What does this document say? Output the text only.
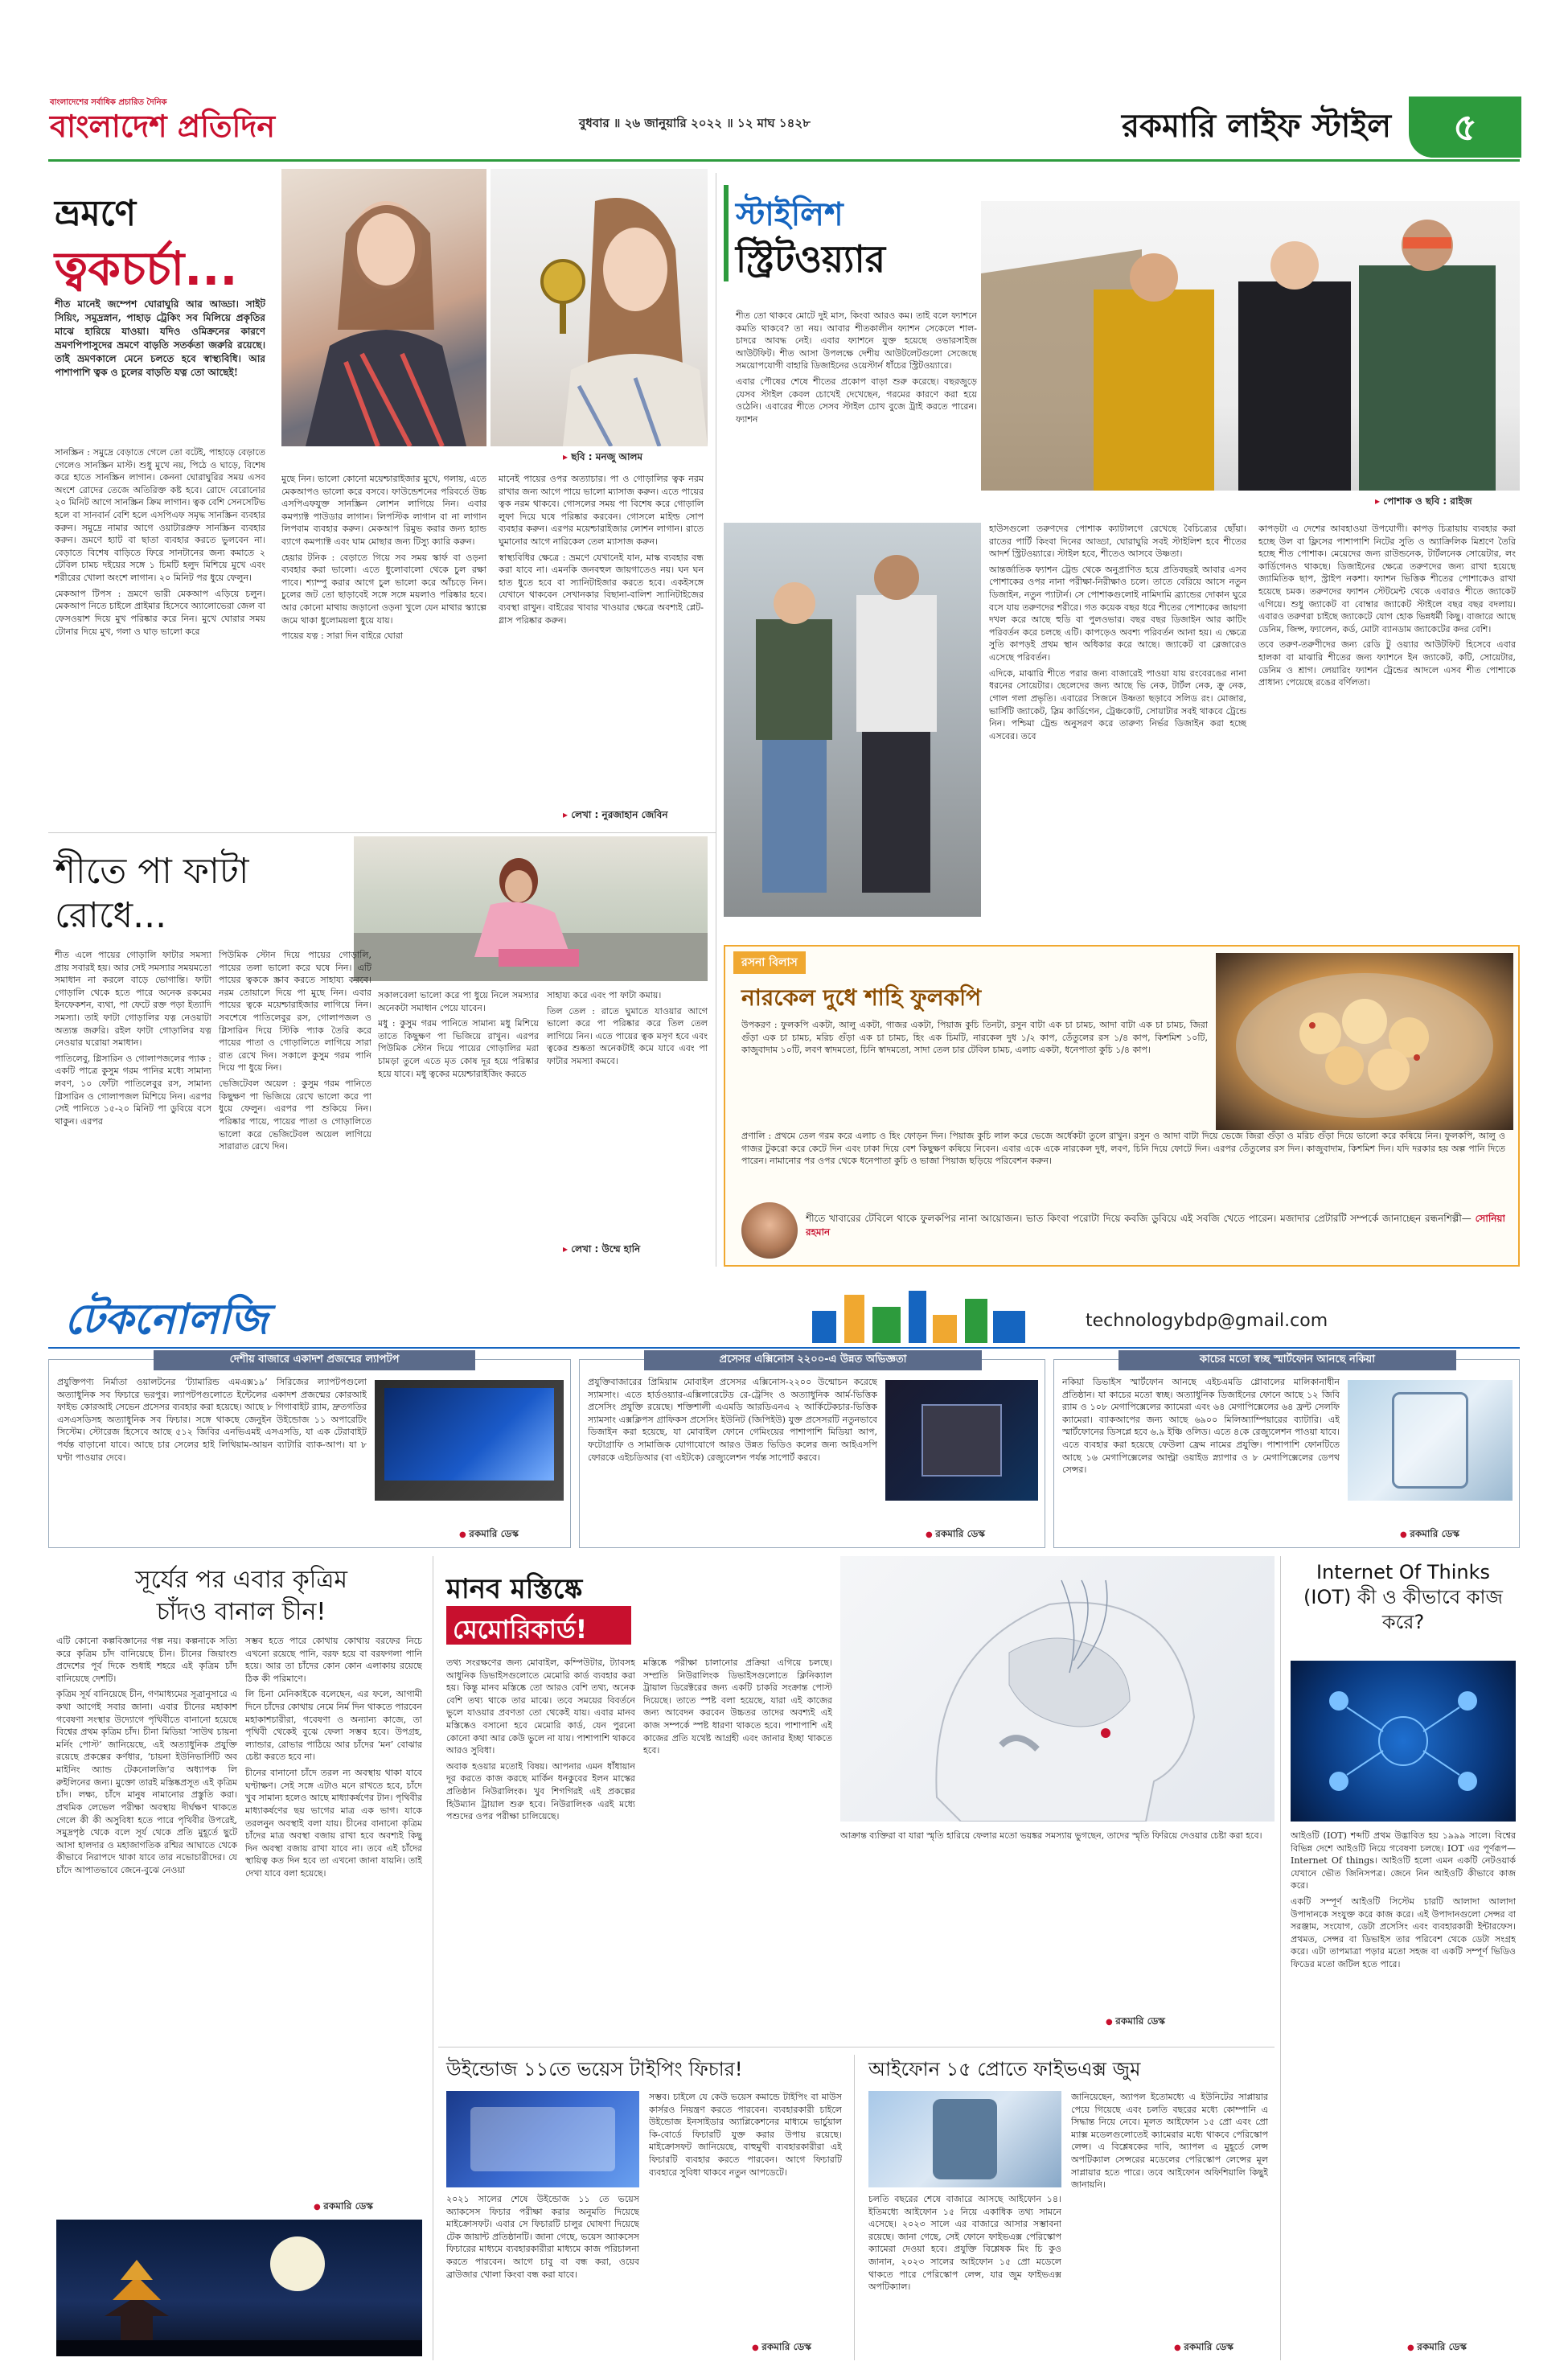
বাংলাদেশের সর্বাধিক প্রচারিত দৈনিক
বাংলাদেশ প্রতিদিন	বুধবার ॥ ২৬ জানুয়ারি ২০২২ ॥ ১২ মাঘ ১৪২৮	রকমারি লাইফ স্টাইল	৫
ভ্রমণে
ত্বকচর্চা...
শীত মানেই জম্পেশ ঘোরাঘুরি আর আড্ডা। সাইট সিয়িং, সমুদ্রস্নান, পাহাড় ট্রেকিং সব মিলিয়ে প্রকৃতির মাঝে হারিয়ে যাওয়া। যদিও ওমিক্রনের কারণে ভ্রমণপিপাসুদের ভ্রমণে বাড়তি সতর্কতা জরুরি রয়েছে। তাই ভ্রমণকালে মেনে চলতে হবে স্বাস্থ্যবিধি। আর পাশাপাশি ত্বক ও চুলের বাড়তি যত্ন তো আছেই!

সানস্ক্রিন : সমুদ্রে বেড়াতে গেলে তো বটেই, পাহাড়ে বেড়াতে গেলেও সানস্ক্রিন মাস্ট। শুধু মুখে নয়, পিঠে ও ঘাড়ে, বিশেষ করে হাতে সানস্ক্রিন লাগান। কেননা ঘোরাঘুরির সময় এসব অংশে রোদের তেজে অতিরিক্ত কষ্ট হবে। রোদে বেরোনোর ২০ মিনিট আগে সানস্ক্রিন ক্রিম লাগান। ত্বক বেশি সেনসেটিভ হলে বা সানবার্ন বেশি হলে এসপিএফ সমৃদ্ধ সানস্ক্রিন ব্যবহার করুন। সমুদ্রে নামার আগে ওয়াটারপ্রুফ সানস্ক্রিন ব্যবহার করুন। ভ্রমণে হ্যাট বা ছাতা ব্যবহার করতে ভুলবেন না। বেড়াতে বিশেষ বাড়িতে ফিরে সানটানের জন্য কমাতে ২ টেবিল চামচ দইয়ের সঙ্গে ১ চিমটি হলুদ মিশিয়ে মুখে এবং শরীরের খোলা অংশে লাগান। ২০ মিনিট পর ধুয়ে ফেলুন।

মেকআপ টিপস : ভ্রমণে ভারী মেকআপ এড়িয়ে চলুন। মেকআপ নিতে চাইলে প্রাইমার হিসেবে অ্যালোভেরা জেল বা ফেসওয়াশ দিয়ে মুখ পরিষ্কার করে নিন। মুখে ঘোরার সময় টোনার দিয়ে মুখ, গলা ও ঘাড় ভালো করে

▸ ছবি : মনজু আলম

মুছে নিন। ভালো কোনো ময়েশ্চারাইজার মুখে, গলায়, এতে মেকআপও ভালো করে বসবে। ফাউন্ডেশনের পরিবর্তে উচ্চ এসপিএফযুক্ত সানস্ক্রিন লোশন লাগিয়ে নিন। এবার কমপ্যাক্ট পাউডার লাগান। লিপস্টিক লাগান বা না লাগান লিপবাম ব্যবহার করুন। মেকআপ রিমুভ করার জন্য হ্যান্ড ব্যাগে কমপ্যাক্ট এবং ঘাম মোছার জন্য টিস্যু ক্যারি করুন।

হেয়ার টনিক : বেড়াতে গিয়ে সব সময় স্কার্ফ বা ওড়না ব্যবহার করা ভালো। এতে ধুলোবালো থেকে চুল রক্ষা পাবে। শ্যাম্পু করার আগে চুল ভালো করে আঁচড়ে নিন। চুলের জট তো ছাড়াবেই সঙ্গে সঙ্গে ময়লাও পরিষ্কার হবে। আর কোনো মাথায় জড়ানো ওড়না খুলে যেন মাথার স্ক্যাল্পে জমে থাকা ধুলোময়লা ধুয়ে যায়।

পায়ের যত্ন : সারা দিন বাইরে ঘোরা

মানেই পায়ের ওপর অত্যাচার। পা ও গোড়ালির ত্বক নরম রাখার জন্য আগে পায়ে ভালো ম্যাসাজ করুন। এতে পায়ের ত্বক নরম থাকবে। গোসলের সময় পা বিশেষ করে গোড়ালি লুফা দিয়ে ঘষে পরিষ্কার করবেন। গোসলে মাইল্ড সোপ ব্যবহার করুন। এরপর ময়েশ্চারাইজার লোশন লাগান। রাতে ঘুমানোর আগে নারিকেল তেল ম্যাসাজ করুন।

স্বাস্থ্যবিধির ক্ষেত্রে : ভ্রমণে যেখানেই যান, মাস্ক ব্যবহার বন্ধ করা যাবে না। এমনকি জনবহুল জায়গাতেও নয়। ঘন ঘন হাত ধুতে হবে বা স্যানিটাইজার করতে হবে। একইসঙ্গে যেখানে থাকবেন সেখানকার বিছানা-বালিশ স্যানিটাইজের ব্যবস্থা রাখুন। বাইরের খাবার খাওয়ার ক্ষেত্রে অবশ্যই প্লেট-গ্লাস পরিষ্কার করুন।

▸ লেখা : নুরজাহান জেবিন
স্টাইলিশ
স্ট্রিটওয়্যার
▸ পোশাক ও ছবি : রাইজ

শীত তো থাকবে মোটে দুই মাস, কিংবা আরও কম। তাই বলে ফ্যাশনে কমতি থাকবে? তা নয়। আবার শীতকালীন ফ্যাশন সেকেলে শাল-চাদরে আবদ্ধ নেই। এবার ফ্যাশনে যুক্ত হয়েছে ওভারসাইজ আউটফিট। শীত আসা উপলক্ষে দেশীয় আউটলেটগুলো সেজেছে সময়োপযোগী বাহারি ডিজাইনের ওয়েস্টার্ন ধাঁচের স্ট্রিটওয়্যারে।

এবার পৌষের শেষে শীতের প্রকোপ বাড়া শুরু করেছে। বছরজুড়ে যেসব স্টাইল কেবল চোখেই দেখেছেন, গরমের কারণে করা হয়ে ওঠেনি। এবারের শীতে সেসব স্টাইল চোখ বুজে ট্রাই করতে পারেন। ফ্যাশন

হাউসগুলো তরুণদের পোশাক ক্যাটালগে রেখেছে বৈচিত্র্যের ছোঁয়া। রাতের পার্টি কিংবা দিনের আড্ডা, ঘোরাঘুরি সবই স্টাইলিশ হবে শীতের আদর্শ স্ট্রিটওয়্যারে। স্টাইল হবে, শীতেও আসবে উষ্ণতা।

আন্তর্জাতিক ফ্যাশন ট্রেন্ড থেকে অনুপ্রাণিত হয়ে প্রতিবছরই আবার এসব পোশাকের ওপর নানা পরীক্ষা-নিরীক্ষাও চলে। তাতে বেরিয়ে আসে নতুন ডিজাইন, নতুন প্যাটার্ন। সে পোশাকগুলোই নামিদামি ব্র্যান্ডের দোকান ঘুরে বসে যায় তরুণদের শরীরে। গত কয়েক বছর ধরে শীতের পোশাকের জায়গা দখল করে আছে হুডি বা পুলওভার। বছর বছর ডিজাইন আর কাটিং পরিবর্তন করে চলছে এটি। কাপড়েও অবশ্য পরিবর্তন আনা হয়। এ ক্ষেত্রে সুতি কাপড়ই প্রথম স্থান অধিকার করে আছে। জ্যাকেট বা ব্লেজারেও এসেছে পরিবর্তন।

এদিকে, মাঝারি শীতে পরার জন্য বাজারেই পাওয়া যায় রংবেরঙের নানা ধরনের সোয়েটার। ছেলেদের জন্য আছে ভি নেক, টার্টল নেক, ক্রু নেক, গোল গলা প্রভৃতি। এবারের সিজনে উষ্ণতা ছড়াবে সলিড রং। মোজার, ভার্সিটি জ্যাকেট, স্লিম কার্ডিগেন, ট্রেঞ্চকোট, সোয়াটার সবই থাকবে ট্রেন্ডে নিন। পশ্চিমা ট্রেন্ড অনুসরণ করে তারুণ্য নির্ভর ডিজাইন করা হচ্ছে এসবের। তবে

কাপড়টা এ দেশের আবহাওয়া উপযোগী। কাপড় চিত্রায়ায় ব্যবহার করা হচ্ছে উল বা ফ্লিসের পাশাপাশি নিটের সুতি ও অ্যাক্রিলিক মিশ্রণে তৈরি হচ্ছে শীত পোশাক। মেয়েদের জন্য রাউন্ডনেক, টার্টলনেক সোয়েটার, লং কার্ডিগেনও থাকছে। ডিজাইনের ক্ষেত্রে তরুণদের জন্য রাখা হয়েছে জ্যামিতিক ছাপ, স্ট্রাইপ নকশা। ফ্যাশন ভিত্তিক শীতের পোশাকেও রাখা হয়েছে চমক। তরুণদের ফ্যাশন স্টেটমেন্ট থেকে এবারও শীতে জ্যাকেট এগিয়ে। শুধু জ্যাকেট বা বোম্বার জ্যাকেট স্টাইলে বছর বছর বদলায়। এবারও তরুণরা চাইছে জ্যাকেটে যোগ হোক ভিন্নধর্মী কিছু। বাজারে আছে ডেনিম, জিন্স, ফ্যালেন, কর্ড, মোটা ব্যানডাম জ্যাকেটের কদর বেশি।

তবে তরুণ-তরুণীদের জন্য রেডি টু ওয়্যার আউটফিট হিসেবে এবার হালকা বা মাঝারি শীতের জন্য ফ্যাশনে ইন জ্যাকেট, কটি, সোয়েটার, ডেনিম ও শ্রাগ। লেয়ারিং ফ্যাশন ট্রেন্ডের আদলে এসব শীত পোশাকে প্রাধান্য পেয়েছে রঙের বর্ণিলতা।

শীতে পা ফাটা
রোধে...

শীত এলে পায়ের গোড়ালি ফাটার সমস্যা প্রায় সবারই হয়। আর সেই সমস্যার সময়মতো সমাধান না করলে বাড়ে ভোগান্তি। ফাটা গোড়ালি থেকে হতে পারে অনেক রকমের ইনফেকশন, ব্যথা, পা ফেটে রক্ত পড়া ইত্যাদি সমস্যা। তাই ফাটা গোড়ালির যত্ন নেওয়াটা অত্যন্ত জরুরি। রইল ফাটা গোড়ালির যত্ন নেওয়ার ঘরোয়া সমাধান।

পাতিলেবু, গ্লিসারিন ও গোলাপজলের প্যাক : একটি পাত্রে কুসুম গরম পানির মধ্যে সামান্য লবণ, ১০ ফোঁটা পাতিলেবুর রস, সামান্য গ্লিসারিন ও গোলাপজল মিশিয়ে নিন। এরপর সেই পানিতে ১৫-২০ মিনিট পা ডুবিয়ে বসে থাকুন। এরপর

পিউমিক স্টোন দিয়ে পায়ের গোড়ালি, পায়ের তলা ভালো করে ঘষে নিন। এটি পায়ের ত্বককে স্ক্রাব করতে সাহায্য করবে। নরম তোয়ালে দিয়ে পা মুছে নিন। এবার পায়ের ত্বকে ময়েশ্চারাইজার লাগিয়ে নিন। সবশেষে পাতিলেবুর রস, গোলাপজল ও গ্লিসারিন দিয়ে স্টিকি প্যাক তৈরি করে পায়ের পাতা ও গোড়ালিতে লাগিয়ে সারা রাত রেখে দিন। সকালে কুসুম গরম পানি দিয়ে পা ধুয়ে নিন।

ভেজিটেবল অয়েল : কুসুম গরম পানিতে কিছুক্ষণ পা ভিজিয়ে রেখে ভালো করে পা ধুয়ে ফেলুন। এরপর পা শুকিয়ে নিন। পরিষ্কার পায়ে, পায়ের পাতা ও গোড়ালিতে ভালো করে ভেজিটেবল অয়েল লাগিয়ে সারারাত রেখে দিন।

সকালবেলা ভালো করে পা ধুয়ে নিলে সমস্যার অনেকটা সমাধান পেয়ে যাবেন।

মধু : কুসুম গরম পানিতে সামান্য মধু মিশিয়ে তাতে কিছুক্ষণ পা ভিজিয়ে রাখুন। এরপর পিউমিক স্টোন দিয়ে পায়ের গোড়ালির মরা চামড়া তুলে এতে মৃত কোষ দূর হয়ে পরিষ্কার হয়ে যাবে। মধু ত্বকের ময়েশ্চারাইজিং করতে

সাহায্য করে এবং পা ফাটা কমায়।

তিল তেল : রাতে ঘুমাতে যাওয়ার আগে ভালো করে পা পরিষ্কার করে তিল তেল লাগিয়ে নিন। এতে পায়ের ত্বক মসৃণ হবে এবং ত্বকের শুষ্কতা অনেকটাই কমে যাবে এবং পা ফাটার সমস্যা কমবে।

▸ লেখা : উম্মে হানি
রসনা বিলাস
নারকেল দুধে শাহি ফুলকপি
উপকরণ : ফুলকপি একটা, আলু একটা, গাজর একটা, পিয়াজ কুচি তিনটা, রসুন বাটা এক চা চামচ, আদা বাটা এক চা চামচ, জিরা গুঁড়া এক চা চামচ, মরিচ গুঁড়া এক চা চামচ, হিং এক চিমটি, নারকেল দুধ ১/২ কাপ, তেঁতুলের রস ১/৪ কাপ, কিশমিশ ১০টি, কাজুবাদাম ১০টি, লবণ স্বাদমতো, চিনি স্বাদমতো, সাদা তেল চার টেবিল চামচ, এলাচ একটা, ধনেপাতা কুচি ১/৪ কাপ।
প্রণালি : প্রথমে তেল গরম করে এলাচ ও হিং ফোড়ন দিন। পিয়াজ কুচি লাল করে ভেজে অর্ধেকটা তুলে রাখুন। রসুন ও আদা বাটা দিয়ে ভেজে জিরা গুঁড়া ও মরিচ গুঁড়া দিয়ে ভালো করে কষিয়ে নিন। ফুলকপি, আলু ও গাজর টুকরো করে কেটে দিন এবং ঢাকা দিয়ে বেশ কিছুক্ষণ কষিয়ে নিবেন। এবার একে একে নারকেল দুধ, লবণ, চিনি দিয়ে ফোটে দিন। এরপর তেঁতুলের রস দিন। কাজুবাদাম, কিশমিশ দিন। যদি দরকার হয় অল্প পানি দিতে পারেন। নামানোর পর ওপর থেকে ধনেপাতা কুচি ও ভাজা পিয়াজ ছড়িয়ে পরিবেশন করুন।
শীতে খাবারের টেবিলে থাকে ফুলকপির নানা আয়োজন। ভাত কিংবা পরোটা দিয়ে কবজি ডুবিয়ে এই সবজি খেতে পারেন। মজাদার প্রেটারটি সম্পর্কে জানাচ্ছেন রন্ধনশিল্পী— সোনিয়া রহমান
টেকনোলজি	technologybdp@gmail.com
দেশীয় বাজারে একাদশ প্রজন্মের ল্যাপটপ
প্রযুক্তিপণ্য নির্মাতা ওয়ালটনের ‘ট্যামারিন্ড এমএক্স১৯’ সিরিজের ল্যাপটপগুলো অত্যাধুনিক সব ফিচারে ভরপুর। ল্যাপটপগুলোতে ইন্টেলের একাদশ প্রজন্মের কোরআই ফাইভ কোরআই সেভেন প্রসেসর ব্যবহার করা হয়েছে। আছে ৮ গিগাবাইট র‍্যাম, দ্রুতগতির এসএসডিসহ অত্যাধুনিক সব ফিচার। সঙ্গে থাকছে জেনুইন উইন্ডোজ ১১ অপারেটিং সিস্টেম। স্টোরেজ হিসেবে আছে ৫১২ জিবির এনভিএমই এসএসডি, যা এক টেরাবাইট পর্যন্ত বাড়ানো যাবে। আছে চার সেলের হাই লিথিয়াম-আয়ন ব্যাটারি ব্যাক-আপ। যা ৮ ঘণ্টা পাওয়ার দেবে।
● রকমারি ডেস্ক
প্রসেসর এক্সিনোস ২২০০-এ উন্নত অভিজ্ঞতা
প্রযুক্তিবাজারের প্রিমিয়াম মোবাইল প্রসেসর এক্সিনোস-২২০০ উন্মোচন করেছে স্যামসাং। এতে হার্ডওয়্যার-এক্সিলারেটেড রে-ট্রেসিং ও অত্যাধুনিক আর্ম-ভিত্তিক প্রসেসিং প্রযুক্তি রয়েছে। শক্তিশালী এএমডি আরডিএনএ ২ আর্কিটেকচার-ভিত্তিক স্যামসাং এক্সক্লিপস গ্রাফিকস প্রসেসিং ইউনিট (জিপিইউ) যুক্ত প্রসেসরটি নতুনভাবে ডিজাইন করা হয়েছে, যা মোবাইল ফোনে গেমিংয়ের পাশাপাশি মিডিয়া আপ, ফটোগ্রাফি ও সামাজিক যোগাযোগে আরও উন্নত ভিডিও কলের জন্য আইএসপি ফোরকে এইচডিআর (বা এইটকে) রেজ্যুলেশন পর্যন্ত সাপোর্ট করবে।
● রকমারি ডেস্ক
কাচের মতো স্বচ্ছ স্মার্টফোন আনছে নকিয়া
নকিয়া ডিভাইস স্মার্টফোন আনছে এইচএমডি গ্লোবালের মালিকানাধীন প্রতিষ্ঠান। যা কাচের মতো স্বচ্ছ। অত্যাধুনিক ডিজাইনের ফোনে আছে ১২ জিবি র‍্যাম ও ১০৮ মেগাপিক্সেলের ক্যামেরা এবং ৬৪ মেগাপিক্সেলের ৬৪ ফ্রন্ট সেলফি ক্যামেরা। ব্যাকআপের জন্য আছে ৬৯০০ মিলিঅ্যাম্পিয়ারের ব্যাটারি। এই স্মার্টফোনের ডিসপ্লে হবে ৬.৯ ইঞ্চি ওলিড। এতে ৪কে রেজ্যুলেশন পাওয়া যাবে। এতে ব্যবহার করা হয়েছে ফেউলা ফ্রেম নামের প্রযুক্তি। পাশাপাশি ফোনটিতে আছে ১৬ মেগাপিক্সেলের আল্ট্রা ওয়াইড স্ন্যাপার ও ৮ মেগাপিক্সেলের ডেপথ সেন্সর।
● রকমারি ডেস্ক
সূর্যের পর এবার কৃত্রিম
চাঁদও বানাল চীন!

এটি কোনো কল্পবিজ্ঞানের গল্প নয়। কল্পনাকে সত্যি করে কৃত্রিম চাঁদ বানিয়েছে চীন। চীনের জিয়াংশু প্রদেশের পূর্ব দিকে শুধাই শহরে এই কৃত্রিম চাঁদ বানিয়েছে দেশটি।

কৃত্রিম সূর্য বানিয়েছে চীন, গণমাধ্যমের সূত্রানুসারে এ কথা আগেই সবার জানা। এবার চীনের মহাকাশ গবেষণা সংস্থার উদ্যোগে পৃথিবীতে বানানো হয়েছে বিশ্বের প্রথম কৃত্রিম চাঁদ। চীনা মিডিয়া ‘সাউথ চায়না মর্নিং পোস্ট’ জানিয়েছে, এই অত্যাধুনিক প্রযুক্তি রয়েছে প্রকল্পের কর্ণধার, ‘চায়না ইউনিভার্সিটি অব মাইনিং অ্যান্ড টেকনোলজি’র অধ্যাপক লি রুইলিনের জন্য। মুক্তো তারই মস্তিষ্কপ্রসূত এই কৃত্রিম চাঁদ। লক্ষ্য, চাঁদে মানুষ নামানোর প্রস্তুতি করা। প্রথমিক লেভেল পরীক্ষা অবস্থায় দীর্ঘক্ষণ থাকতে গেলে কী কী অসুবিধা হতে পারে পৃথিবীর উপরেই, সমুদ্রপৃষ্ঠ থেকে বলে সূর্য থেকে প্রতি মুহূর্তে ছুটে আসা হালদার ও মহাজাগতিক রশ্মির আঘাতে থেকে কীভাবে নিরাপদে থাকা যাবে তার নভোচারীদের। যে চাঁদে আপাতভাবে জেনে-বুঝে নেওয়া

সম্ভব হতে পারে কোথায় কোথায় বরফের নিচে এখনো রয়েছে পানি, বরফ হয়ে বা বরফগলা পানি হয়ে। আর তা চাঁদের কোন কোন এলাকায় রয়েছে ঠিক কী পরিমাণে।

লি চিনা মেনিকাইকে বলেছেন, এর ফলে, আগামী দিনে চাঁদের কোথায় নেমে নির্ম দিন থাকতে পারবেন মহাকাশচারীরা, গবেষণা ও অন্যান্য কাজে, তা পৃথিবী থেকেই বুঝে ফেলা সম্ভব হবে। উপগ্রহ, ল্যান্ডার, রোভার পাঠিয়ে আর চাঁদের ‘মন’ বোঝার চেষ্টা করতে হবে না।

চীনের বানানো চাঁদে তরল ন্য অবস্থায় থাকা যাবে ঘণ্টাক্ষণ। সেই সঙ্গে এটাও মনে রাখতে হবে, চাঁদে খুব সামান্য হলেও আছে মাধ্যাকর্ষণের টান। পৃথিবীর মাধ্যাকর্ষণের ছয় ভাগের মাত্র এক ভাগ। যাকে তরলনুন অবস্থাই বলা যায়। চীনের বানানো কৃত্রিম চাঁদের মাত্র অবস্থা বজায় রাখা হবে অবশ্যই কিছু দিন অবস্থা বজায় রাখা যাবে না। তবে এই চাঁদের স্থায়িত্ব কত দিন হবে তা এখনো জানা যায়নি। তাই দেখা যাবে বলা হয়েছে।

● রকমারি ডেস্ক
মানব মস্তিষ্কে
মেমোরিকার্ড!

তথ্য সংরক্ষণের জন্য মোবাইল, কম্পিউটার, ট্যাবসহ আধুনিক ডিভাইসগুলোতে মেমোরি কার্ড ব্যবহার করা হয়। কিন্তু মানব মস্তিষ্কে তো আরও বেশি তথ্য, অনেক বেশি তথ্য থাকে তার মাঝে। তবে সময়ের বিবর্তনে ভুলে যাওয়ার প্রবণতা তো থেকেই যায়। এবার মানব মস্তিষ্কেও বসানো হবে মেমোরি কার্ড, যেন পুরনো কোনো কথা আর কেউ ভুলে না যায়। পাশাপাশি থাকবে আরও সুবিধা।

অবাক হওয়ার মতোই বিষয়। আপনার এমন ধাঁধায়ান দূর করতে কাজ করছে মার্কিন ধনকুবের ইলন মাস্কের প্রতিষ্ঠান নিউরালিংক। খুব শিগগিরই এই প্রকল্পের হিউম্যান ট্রায়াল শুরু হবে। নিউরালিংক এরই মধ্যে পশুদের ওপর পরীক্ষা চালিয়েছে।

মস্তিষ্কে পরীক্ষা চালানোর প্রক্রিয়া এগিয়ে চলছে। সম্প্রতি নিউরালিংক ডিভাইসগুলোতে ক্লিনিক্যাল ট্রায়াল ডিরেক্টরের জন্য একটি চাকরি সংক্রান্ত পোস্ট দিয়েছে। তাতে স্পষ্ট বলা হয়েছে, যারা এই কাজের জন্য আবেদন করবেন উচ্চতর তাদের অবশ্যই এই কাজ সম্পর্কে স্পষ্ট ধারণা থাকতে হবে। পাশাপাশি এই কাজের প্রতি যথেষ্ট আগ্রহী এবং জানার ইচ্ছা থাকতে হবে।
আক্রান্ত ব্যক্তিরা বা যারা স্মৃতি হারিয়ে ফেলার মতো ভয়ঙ্কর সমস্যায় ভুগছেন, তাদের স্মৃতি ফিরিয়ে দেওয়ার চেষ্টা করা হবে।
● রকমারি ডেস্ক
Internet Of Thinks (IOT) কী ও কীভাবে কাজ করে?

আইওটি (IOT) শব্দটি প্রথম উদ্ভাবিত হয় ১৯৯৯ সালে। বিশ্বের বিভিন্ন দেশে আইওটি নিয়ে গবেষণা চলছে। IOT এর পূর্ণরূপ—Internet Of things। আইওটি হলো এমন একটি নেটওয়ার্ক যেখানে ভৌত জিনিসপত্র। জেনে নিন আইওটি কীভাবে কাজ করে।

একটি সম্পূর্ণ আইওটি সিস্টেম চারটি আলাদা আলাদা উপাদানকে সংযুক্ত করে কাজ করে। এই উপাদানগুলো সেন্সর বা সরঞ্জাম, সংযোগ, ডেটা প্রসেসিং এবং ব্যবহারকারী ইন্টারফেস। প্রথমত, সেন্সর বা ডিভাইস তার পরিবেশ থেকে ডেটা সংগ্রহ করে। এটা তাপমাত্রা পড়ার মতো সহজ বা একটি সম্পূর্ণ ভিডিও ফিডের মতো জটিল হতে পারে।

● রকমারি ডেস্ক
উইন্ডোজ ১১তে ভয়েস টাইপিং ফিচার!
২০২১ সালের শেষে উইন্ডোজ ১১ তে ভয়েস অ্যাকসেস ফিচার পরীক্ষা করার অনুমতি দিয়েছে মাইক্রোসফট। এবার সে ফিচারটি চালুর ঘোষণা দিয়েছে টেক জায়ান্ট প্রতিষ্ঠানটি। জানা গেছে, ভয়েস অ্যাকসেস ফিচারের মাধ্যমে ব্যবহারকারীরা মাধ্যমে কাজ পরিচালনা করতে পারবেন। আগে চাবু বা বন্ধ করা, ওয়েব ব্রাউজার খোলা কিংবা বন্ধ করা যাবে।
সম্ভব। চাইলে যে কেউ ভয়েস কমান্ডে টাইপিং বা মাউস কার্সরও নিয়ন্ত্রণ করতে পারবেন। ব্যবহারকারী চাইলে উইন্ডোজ ইনসাইডার অ্যাপ্লিকেশনের মাধ্যমে ভার্চুয়াল কি-বোর্ডে ফিচারটি যুক্ত করার উপায় রয়েছে। মাইক্রোসফট জানিয়েছে, বাহুমুখী ব্যবহারকারীরা এই ফিচারটি ব্যবহার করতে পারবেন। আগে ফিচারটি ব্যবহারে সুবিধা থাকবে নতুন আপডেটে।
● রকমারি ডেস্ক
আইফোন ১৫ প্রোতে ফাইভএক্স জুম
চলতি বছরের শেষে বাজারে আসছে আইফোন ১৪। ইতিমধ্যে আইফোন ১৫ নিয়ে একাধিক তথ্য সামনে এসেছে। ২০২৩ সালে এর বাজারে আসার সম্ভাবনা রয়েছে। জানা গেছে, সেই ফোনে ফাইভএক্স পেরিস্কোপ ক্যামেরা দেওয়া হবে। প্রযুক্তি বিশ্লেষক মিং চি কুও জানান, ২০২৩ সালের আইফোন ১৫ প্রো মডেলে থাকতে পারে পেরিস্কোপ লেন্স, যার জুম ফাইভএক্স অপটিক্যাল।
জানিয়েছেন, অ্যাপল ইতোমধ্যে এ ইউনিটের সাপ্লায়ার পেয়ে গিয়েছে এবং চলতি বছরের মধ্যে কোম্পানি এ সিদ্ধান্ত নিয়ে নেবে। মূলত আইফোন ১৫ প্রো এবং প্রো ম্যাক্স মডেলগুলোতেই ক্যামেরার মধ্যে থাকবে পেরিস্কোপ লেন্স। এ বিশ্লেষকের দাবি, অ্যাপল এ মুহূর্তে লেন্স অপটিক্যাল সেন্সরের মডেলের পেরিস্কোপ লেন্সের মূল সাপ্লায়ার হতে পারে। তবে আইফোন অফিশিয়ালি কিছুই জানায়নি।
● রকমারি ডেস্ক
